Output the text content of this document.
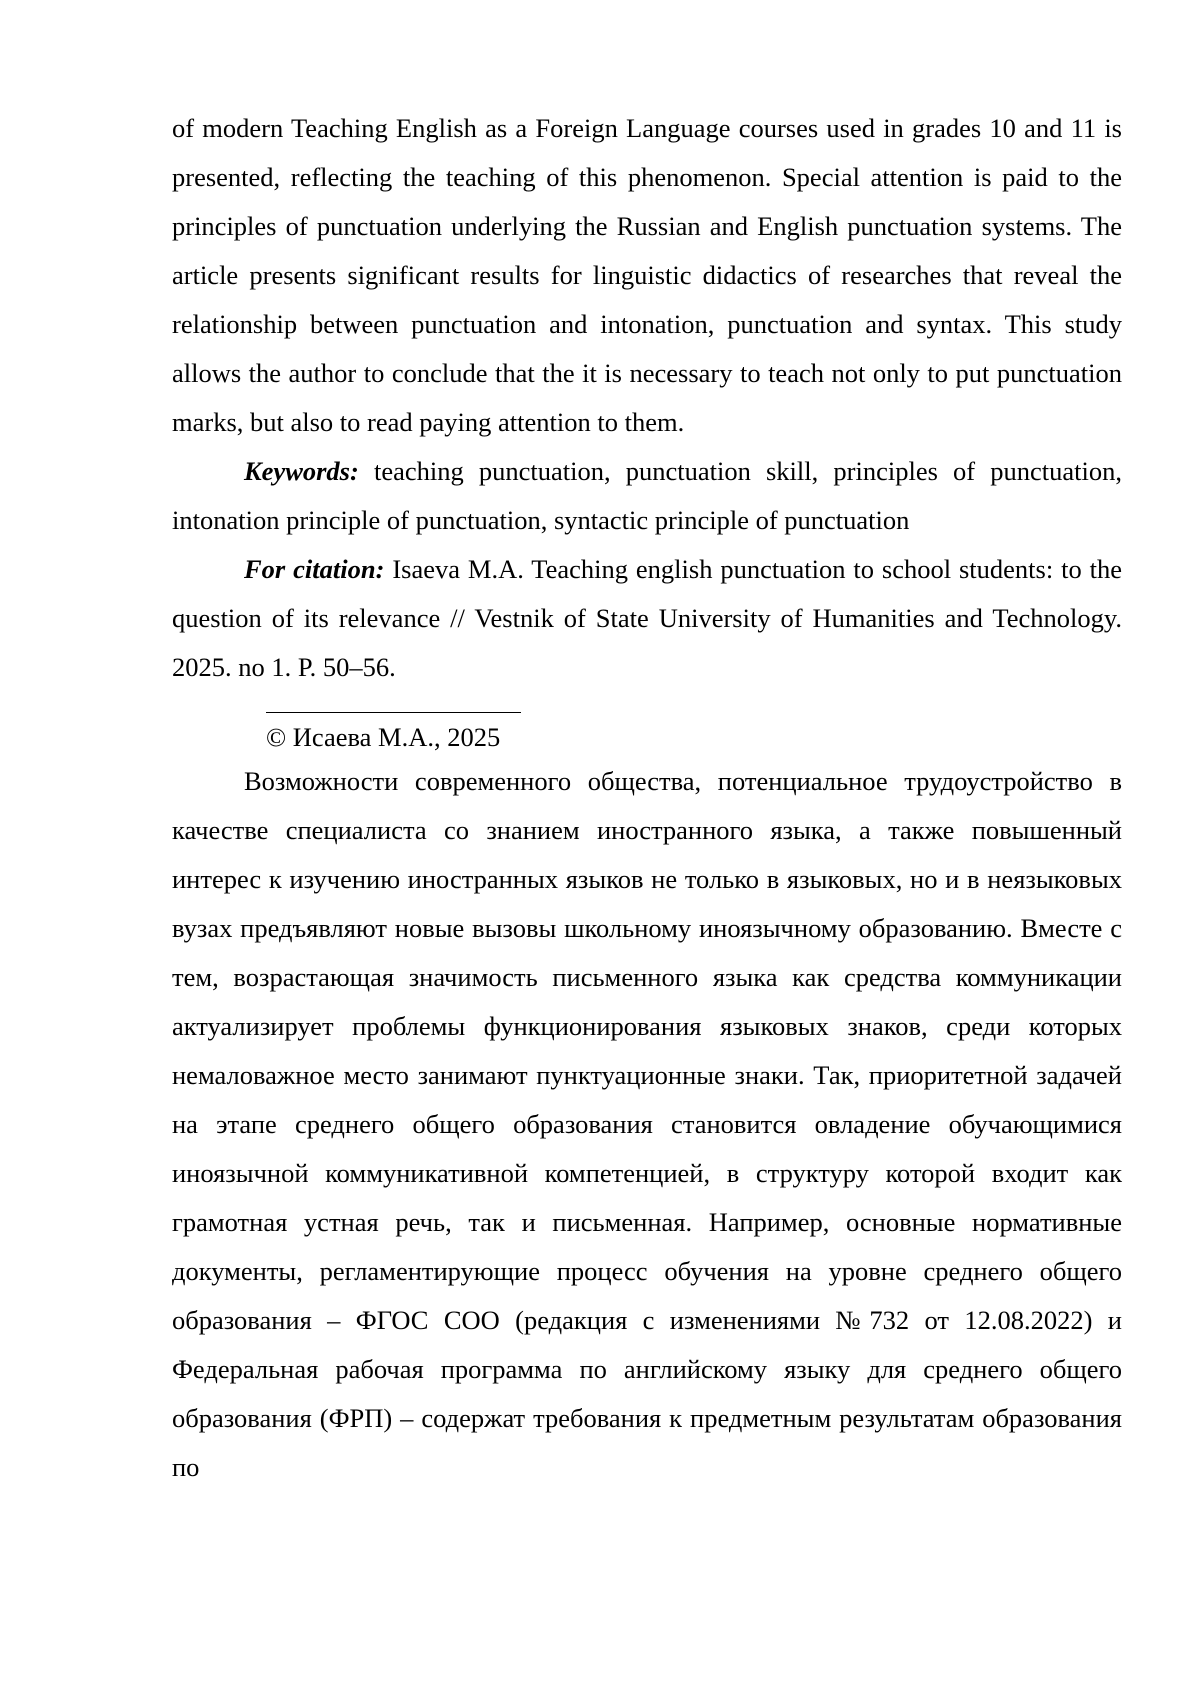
of modern Teaching English as a Foreign Language courses used in grades 10 and 11 is presented, reflecting the teaching of this phenomenon. Special attention is paid to the principles of punctuation underlying the Russian and English punctuation systems. The article presents significant results for linguistic didactics of researches that reveal the relationship between punctuation and intonation, punctuation and syntax. This study allows the author to conclude that the it is necessary to teach not only to put punctuation marks, but also to read paying attention to them.

Keywords: teaching punctuation, punctuation skill, principles of punctuation, intonation principle of punctuation, syntactic principle of punctuation

For citation: Isaeva M.A. Teaching english punctuation to school students: to the question of its relevance // Vestnik of State University of Humanities and Technology. 2025. no 1. P. 50–56.

© Исаева М.А., 2025

Возможности современного общества, потенциальное трудоустройство в качестве специалиста со знанием иностранного языка, а также повышенный интерес к изучению иностранных языков не только в языковых, но и в неязыковых вузах предъявляют новые вызовы школьному иноязычному образованию. Вместе с тем, возрастающая значимость письменного языка как средства коммуникации актуализирует проблемы функционирования языковых знаков, среди которых немаловажное место занимают пунктуационные знаки. Так, приоритетной задачей на этапе среднего общего образования становится овладение обучающимися иноязычной коммуникативной компетенцией, в структуру которой входит как грамотная устная речь, так и письменная. Например, основные нормативные документы, регламентирующие процесс обучения на уровне среднего общего образования – ФГОС СОО (редакция с изменениями №732 от 12.08.2022) и Федеральная рабочая программа по английскому языку для среднего общего образования (ФРП) – содержат требования к предметным результатам образования по
